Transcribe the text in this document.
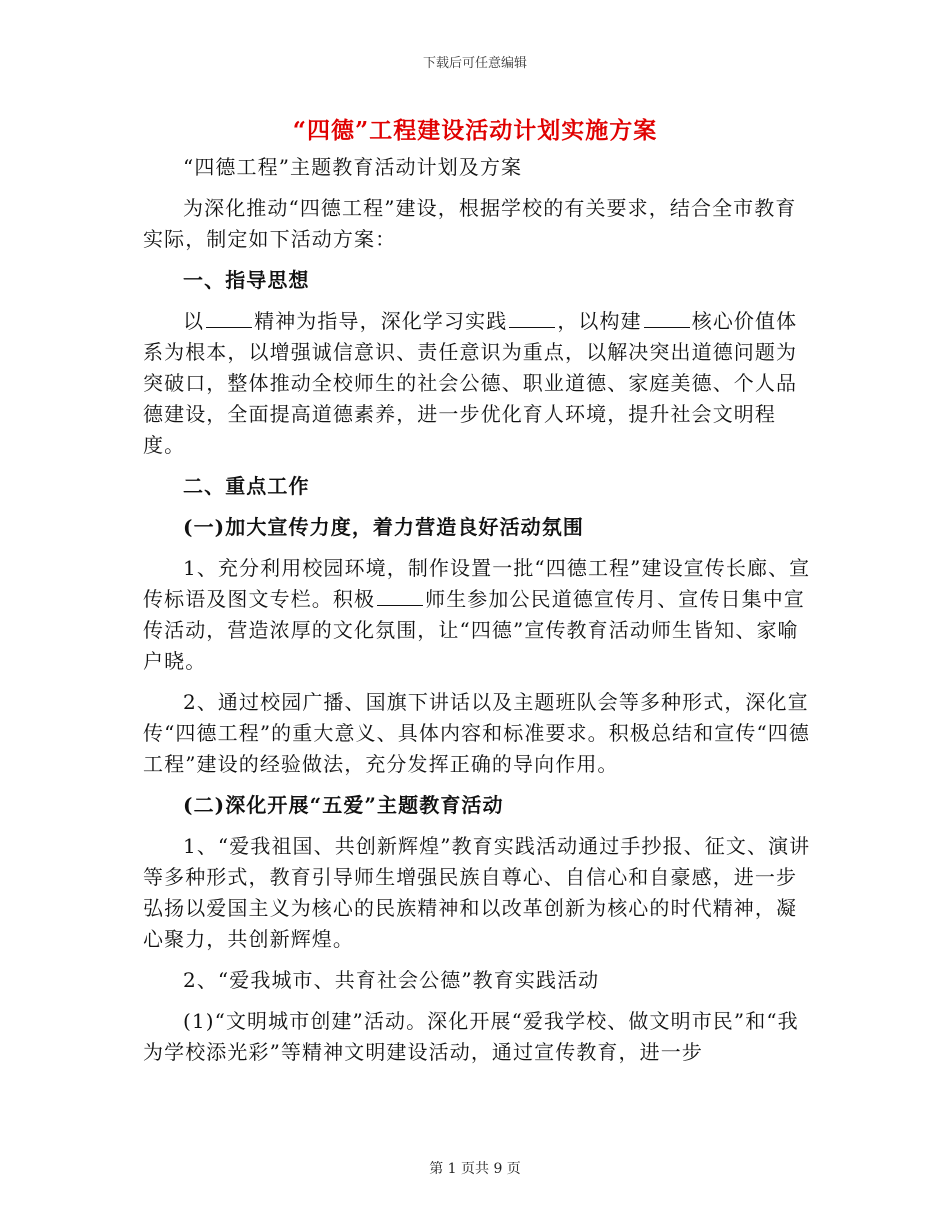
下载后可任意编辑
“四德”工程建设活动计划实施方案

“四德工程”主题教育活动计划及方案

为深化推动“四德工程”建设，根据学校的有关要求，结合全市教育实际，制定如下活动方案：

一、指导思想

以	精神为指导，深化学习实践	，以构建	核心价值体系为根本，以增强诚信意识、责任意识为重点，以解决突出道德问题为突破口，整体推动全校师生的社会公德、职业道德、家庭美德、个人品德建设，全面提高道德素养，进一步优化育人环境，提升社会文明程度。

二、重点工作

(一)加大宣传力度，着力营造良好活动氛围

1、充分利用校园环境，制作设置一批“四德工程”建设宣传长廊、宣传标语及图文专栏。积极	师生参加公民道德宣传月、宣传日集中宣传活动，营造浓厚的文化氛围，让“四德”宣传教育活动师生皆知、家喻户晓。

2、通过校园广播、国旗下讲话以及主题班队会等多种形式，深化宣传“四德工程”的重大意义、具体内容和标准要求。积极总结和宣传“四德工程”建设的经验做法，充分发挥正确的导向作用。

(二)深化开展“五爱”主题教育活动

1、“爱我祖国、共创新辉煌”教育实践活动通过手抄报、征文、演讲等多种形式，教育引导师生增强民族自尊心、自信心和自豪感，进一步弘扬以爱国主义为核心的民族精神和以改革创新为核心的时代精神，凝心聚力，共创新辉煌。

2、“爱我城市、共育社会公德”教育实践活动

(1)“文明城市创建”活动。深化开展“爱我学校、做文明市民”和“我为学校添光彩”等精神文明建设活动，通过宣传教育，进一步

第 1 页共 9 页
